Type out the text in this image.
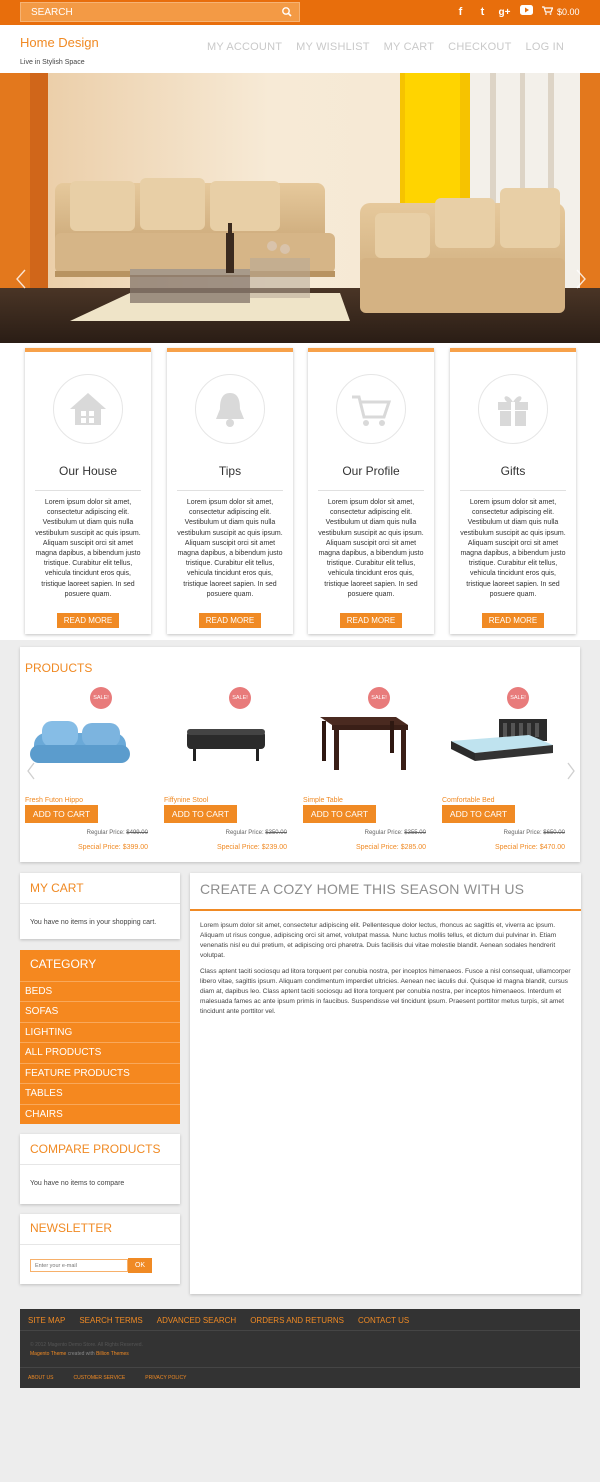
SEARCH
f	t	g+	$0.00
Home Design
Live in Stylish Space
MY ACCOUNT MY WISHLIST MY CART CHECKOUT LOG IN
Our House
Lorem ipsum dolor sit amet, consectetur adipiscing elit. Vestibulum ut diam quis nulla vestibulum suscipit ac quis ipsum. Aliquam suscipit orci sit amet magna dapibus, a bibendum justo tristique. Curabitur elit tellus, vehicula tincidunt eros quis, tristique laoreet sapien. In sed posuere quam.
READ MORE
Tips
Lorem ipsum dolor sit amet, consectetur adipiscing elit. Vestibulum ut diam quis nulla vestibulum suscipit ac quis ipsum. Aliquam suscipit orci sit amet magna dapibus, a bibendum justo tristique. Curabitur elit tellus, vehicula tincidunt eros quis, tristique laoreet sapien. In sed posuere quam.
READ MORE
Our Profile
Lorem ipsum dolor sit amet, consectetur adipiscing elit. Vestibulum ut diam quis nulla vestibulum suscipit ac quis ipsum. Aliquam suscipit orci sit amet magna dapibus, a bibendum justo tristique. Curabitur elit tellus, vehicula tincidunt eros quis, tristique laoreet sapien. In sed posuere quam.
READ MORE
Gifts
Lorem ipsum dolor sit amet, consectetur adipiscing elit. Vestibulum ut diam quis nulla vestibulum suscipit ac quis ipsum. Aliquam suscipit orci sit amet magna dapibus, a bibendum justo tristique. Curabitur elit tellus, vehicula tincidunt eros quis, tristique laoreet sapien. In sed posuere quam.
READ MORE
PRODUCTS
SALE!
Fresh Futon Hippo
ADD TO CART
Regular Price: $499.00
Special Price: $399.00
SALE!
Fiffynine Stool
ADD TO CART
Regular Price: $350.00
Special Price: $239.00
SALE!
Simple Table
ADD TO CART
Regular Price: $355.00
Special Price: $285.00
SALE!
Comfortable Bed
ADD TO CART
Regular Price: $650.00
Special Price: $470.00
MY CART
You have no items in your shopping cart.
CATEGORY
BEDS
SOFAS
LIGHTING
ALL PRODUCTS
FEATURE PRODUCTS
TABLES
CHAIRS
COMPARE PRODUCTS
You have no items to compare
NEWSLETTER
Enter your e-mail
OK
CREATE A COZY HOME THIS SEASON WITH US

Lorem ipsum dolor sit amet, consectetur adipiscing elit. Pellentesque dolor lectus, rhoncus ac sagittis et, viverra ac ipsum. Aliquam ut risus congue, adipiscing orci sit amet, volutpat massa. Nunc luctus mollis tellus, et dictum dui pulvinar in. Etiam venenatis nisl eu dui pretium, et adipiscing orci pharetra. Duis facilisis dui vitae molestie blandit. Aenean sodales hendrerit volutpat.

Class aptent taciti sociosqu ad litora torquent per conubia nostra, per inceptos himenaeos. Fusce a nisl consequat, ullamcorper libero vitae, sagittis ipsum. Aliquam condimentum imperdiet ultricies. Aenean nec iaculis dui. Quisque id magna blandit, cursus diam at, dapibus leo. Class aptent taciti sociosqu ad litora torquent per conubia nostra, per inceptos himenaeos. Interdum et malesuada fames ac ante ipsum primis in faucibus. Suspendisse vel tincidunt ipsum. Praesent porttitor metus turpis, sit amet tincidunt ante porttitor vel.

SITE MAP SEARCH TERMS ADVANCED SEARCH ORDERS AND RETURNS CONTACT US
© 2012 Magento Demo Store. All Rights Reserved.
Magento Theme created with Billion Themes
ABOUT US	CUSTOMER SERVICE	PRIVACY POLICY
